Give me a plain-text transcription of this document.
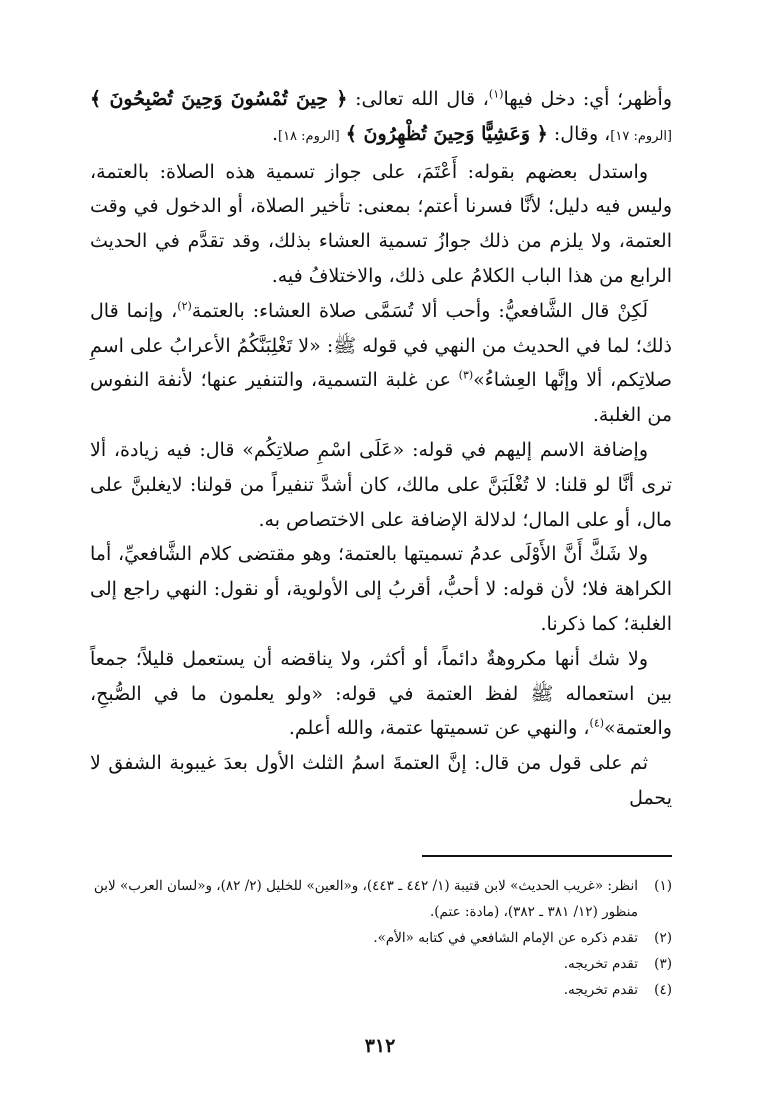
وأظهر؛ أي: دخل فيها$^{(١)}$، قال الله تعالى: ﴿ حِينَ تُمْسُونَ وَحِينَ تُصْبِحُونَ ﴾ [الروم: ١٧]، وقال: ﴿ وَعَشِيًّا وَحِينَ تُظْهِرُونَ ﴾ [الروم: ١٨].

واستدل بعضهم بقوله: أَعْتَمَ، على جواز تسمية هذه الصلاة: بالعتمة، وليس فيه دليل؛ لأنَّا فسرنا أعتم؛ بمعنى: تأخير الصلاة، أو الدخول في وقت العتمة، ولا يلزم من ذلك جوازُ تسمية العشاء بذلك، وقد تقدَّم في الحديث الرابع من هذا الباب الكلامُ على ذلك، والاختلافُ فيه.

لَكِنْ قال الشَّافعيُّ: وأحب ألا تُسَمَّى صلاة العشاء: بالعتمة$^{(٢)}$، وإنما قال ذلك؛ لما في الحديث من النهي في قوله ﷺ: «لا تَغْلِبَنَّكُمُ الأعرابُ على اسمِ صلاتِكم، ألا وإنَّها العِشاءُ»$^{(٣)}$ عن غلبة التسمية، والتنفير عنها؛ لأنفة النفوس من الغلبة.

وإضافة الاسم إليهم في قوله: «عَلَى اسْمِ صلاتِكُم» قال: فيه زيادة، ألا ترى أنَّا لو قلنا: لا تُغْلَبَنَّ على مالك، كان أشدَّ تنفيراً من قولنا: لايغلبنَّ على مال، أو على المال؛ لدلالة الإضافة على الاختصاص به.

ولا شَكَّ أَنَّ الأَوْلَى عدمُ تسميتها بالعتمة؛ وهو مقتضى كلام الشَّافعيِّ، أما الكراهة فلا؛ لأن قوله: لا أحبُّ، أقربُ إلى الأولوية، أو نقول: النهي راجع إلى الغلبة؛ كما ذكرنا.

ولا شك أنها مكروهةٌ دائماً، أو أكثر، ولا يناقضه أن يستعمل قليلاً؛ جمعاً بين استعماله ﷺ لفظ العتمة في قوله: «ولو يعلمون ما في الصُّبحِ، والعتمة»$^{(٤)}$، والنهي عن تسميتها عتمة، والله أعلم.

ثم على قول من قال: إنَّ العتمةَ اسمُ الثلث الأول بعدَ غيبوبة الشفق لا يحمل

(١)
انظر: «غريب الحديث» لابن قتيبة (١/ ٤٤٢ ـ ٤٤٣)، و«العين» للخليل (٢/ ٨٢)، و«لسان العرب» لابن منظور (١٢/ ٣٨١ ـ ٣٨٢)، (مادة: عتم).
(٢)
تقدم ذكره عن الإمام الشافعي في كتابه «الأم».
(٣)
تقدم تخريجه.
(٤)
تقدم تخريجه.
٣١٢
